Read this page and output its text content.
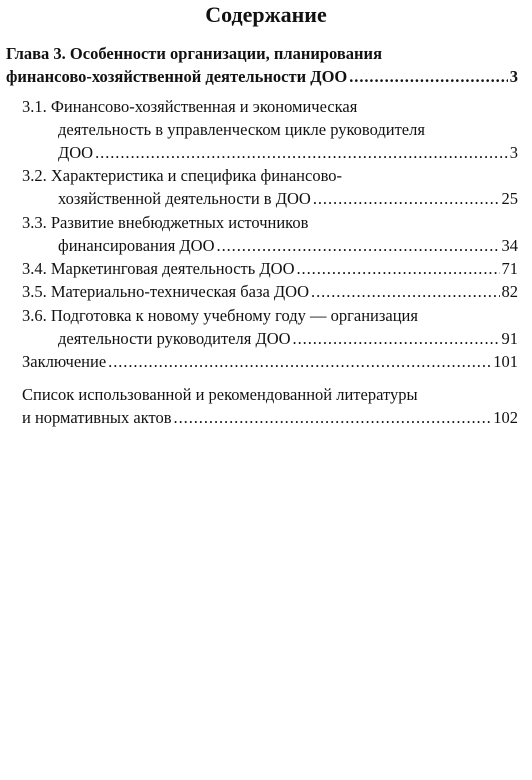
Содержание
Глава 3. Особенности организации, планирования
финансово-хозяйственной деятельности ДОО . . .	3
3.1. Финансово-хозяйственная и экономическая
деятельность в управленческом цикле руководителя
ДОО . . .	3
3.2. Характеристика и специфика финансово-
хозяйственной деятельности в ДОО . . .	25
3.3. Развитие внебюджетных источников
финансирования ДОО . . .	34
3.4. Маркетинговая деятельность ДОО . . .	71
3.5. Материально-техническая база ДОО . . .	82
3.6. Подготовка к новому учебному году — организация
деятельности руководителя ДОО . . .	91
Заключение . . .	101
Список использованной и рекомендованной литературы
и нормативных актов . . .	102
